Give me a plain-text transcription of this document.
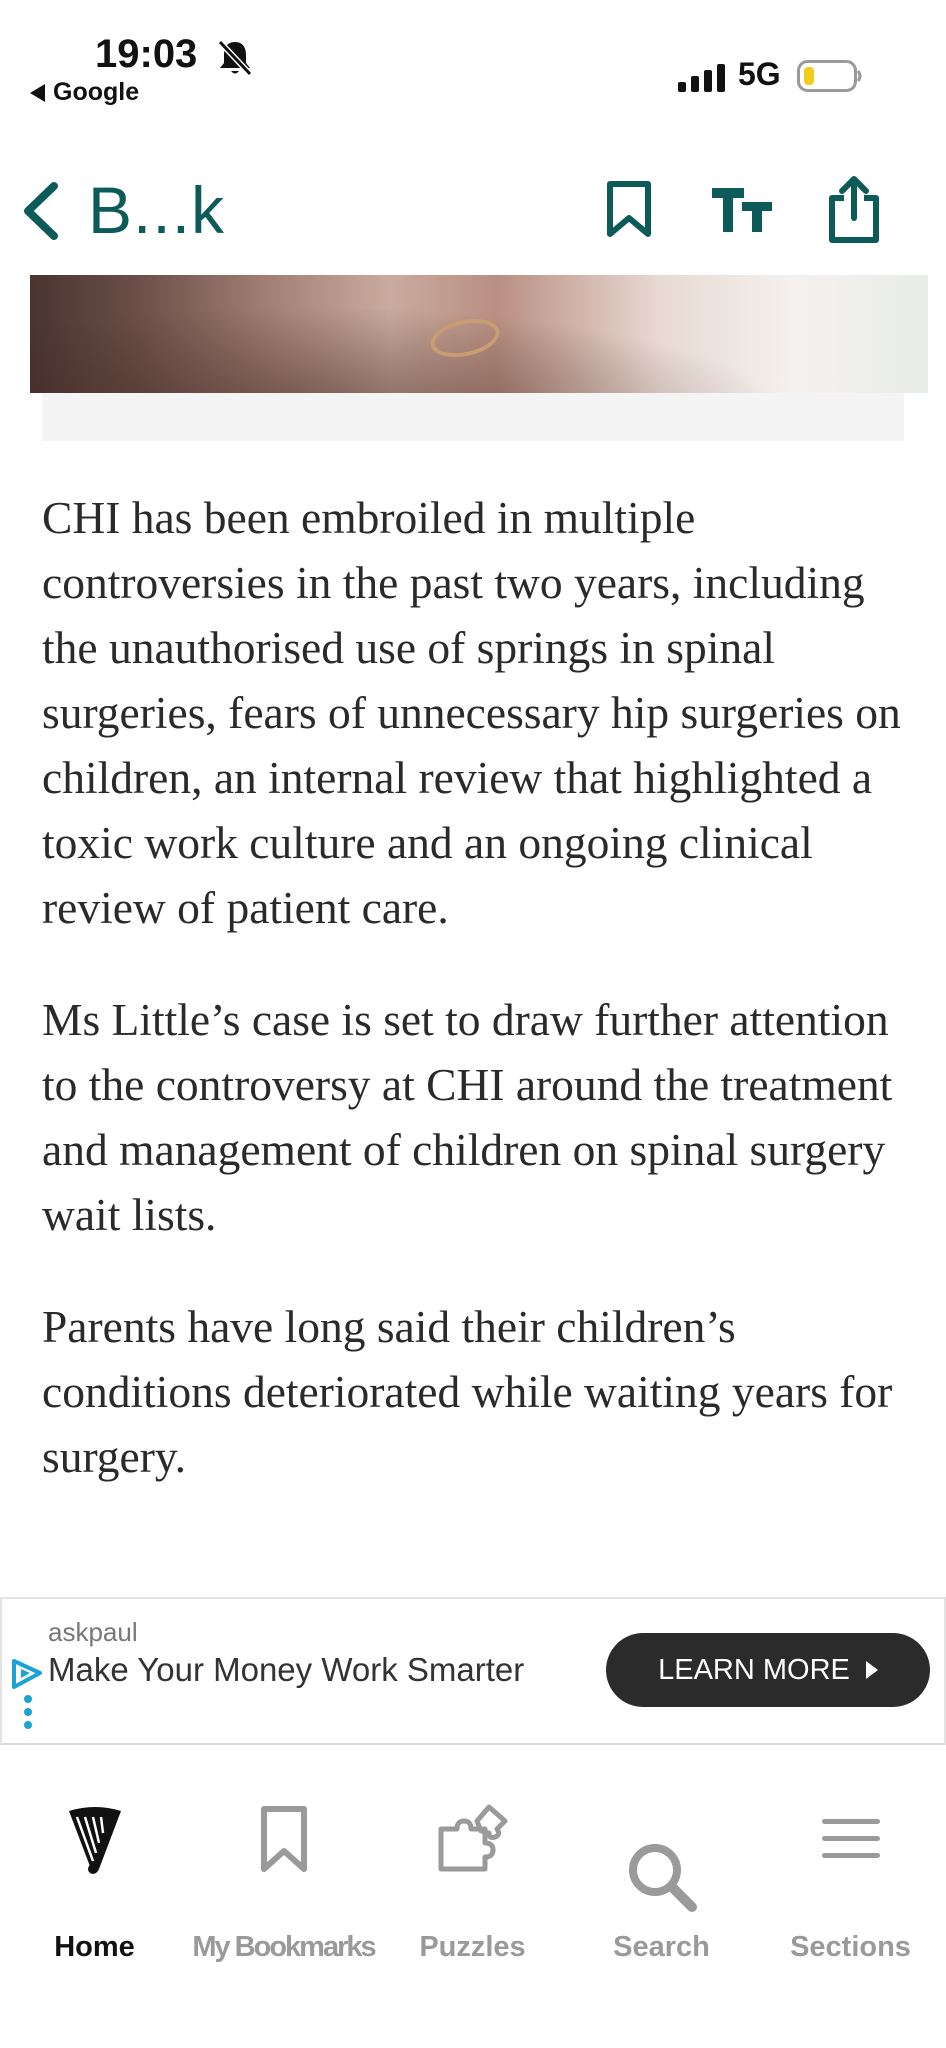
19:03
Google	5G
B...k

CHI has been embroiled in multiple controversies in the past two years, including the unauthorised use of springs in spinal surgeries, fears of unnecessary hip surgeries on children, an internal review that highlighted a toxic work culture and an ongoing clinical review of patient care.

Ms Little’s case is set to draw further attention to the controversy at CHI around the treatment and management of children on spinal surgery wait lists.

Parents have long said their children’s conditions deteriorated while waiting years for surgery.

askpaul
Make Your Money Work Smarter	LEARN MORE
Home	My Bookmarks	Puzzles	Search	Sections
